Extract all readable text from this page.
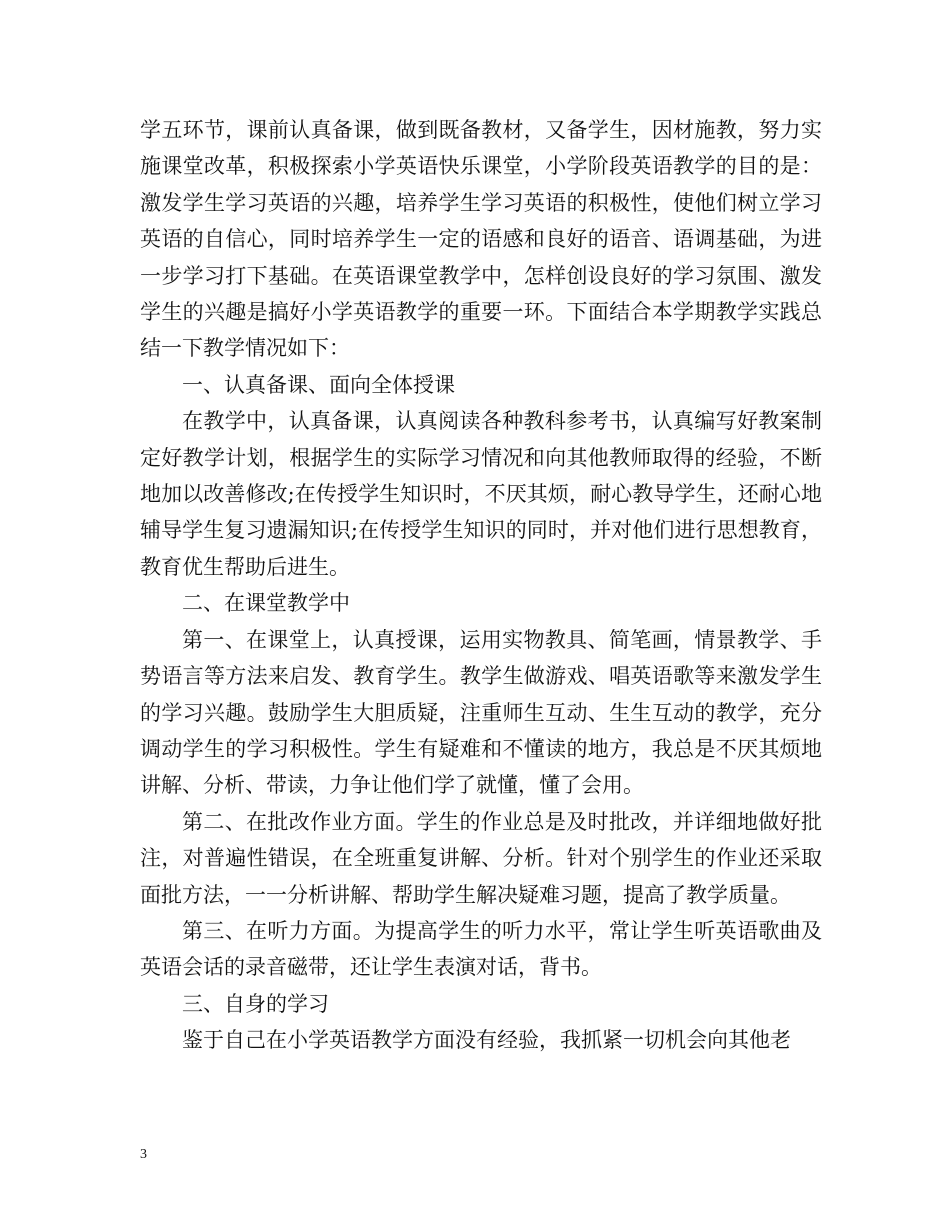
学五环节，课前认真备课，做到既备教材，又备学生，因材施教，努力实施课堂改革，积极探索小学英语快乐课堂，小学阶段英语教学的目的是：激发学生学习英语的兴趣，培养学生学习英语的积极性，使他们树立学习英语的自信心，同时培养学生一定的语感和良好的语音、语调基础，为进一步学习打下基础。在英语课堂教学中，怎样创设良好的学习氛围、激发学生的兴趣是搞好小学英语教学的重要一环。下面结合本学期教学实践总结一下教学情况如下：

一、认真备课、面向全体授课

在教学中，认真备课，认真阅读各种教科参考书，认真编写好教案制定好教学计划，根据学生的实际学习情况和向其他教师取得的经验，不断地加以改善修改;在传授学生知识时，不厌其烦，耐心教导学生，还耐心地辅导学生复习遗漏知识;在传授学生知识的同时，并对他们进行思想教育，教育优生帮助后进生。

二、在课堂教学中

第一、在课堂上，认真授课，运用实物教具、简笔画，情景教学、手势语言等方法来启发、教育学生。教学生做游戏、唱英语歌等来激发学生的学习兴趣。鼓励学生大胆质疑，注重师生互动、生生互动的教学，充分调动学生的学习积极性。学生有疑难和不懂读的地方，我总是不厌其烦地讲解、分析、带读，力争让他们学了就懂，懂了会用。

第二、在批改作业方面。学生的作业总是及时批改，并详细地做好批注，对普遍性错误，在全班重复讲解、分析。针对个别学生的作业还采取面批方法，一一分析讲解、帮助学生解决疑难习题，提高了教学质量。

第三、在听力方面。为提高学生的听力水平，常让学生听英语歌曲及英语会话的录音磁带，还让学生表演对话，背书。

三、自身的学习

鉴于自己在小学英语教学方面没有经验，我抓紧一切机会向其他老

3
